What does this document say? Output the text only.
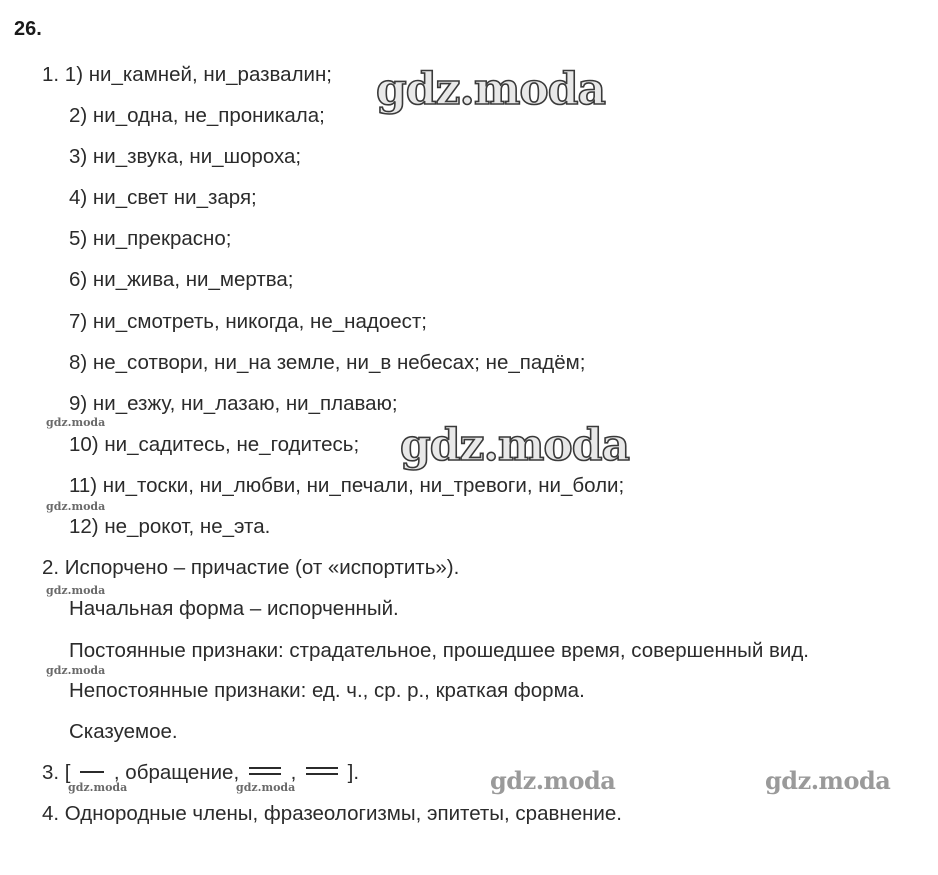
26.
1. 1) ни_камней, ни_развалин;
2) ни_одна, не_проникала;
3) ни_звука, ни_шороха;
4) ни_свет ни_заря;
5) ни_прекрасно;
6) ни_жива, ни_мертва;
7) ни_смотреть, никогда, не_надоест;
8) не_сотвори, ни_на земле, ни_в небесах; не_падём;
9) ни_езжу, ни_лазаю, ни_плаваю;
10) ни_садитесь, не_годитесь;
11) ни_тоски, ни_любви, ни_печали, ни_тревоги, ни_боли;
12) не_рокот, не_эта.
2. Испорчено – причастие (от «испортить»).
Начальная форма – испорченный.
Постоянные признаки: страдательное, прошедшее время, совершенный вид.
Непостоянные признаки: ед. ч., ср. р., краткая форма.
Сказуемое.
3. [ , обращение,	,	].
4. Однородные члены, фразеологизмы, эпитеты, сравнение.
gdz.moda
gdz.moda
gdz.moda	gdz.moda
gdz.moda
gdz.moda
gdz.moda
gdz.moda
gdz.moda	gdz.moda
